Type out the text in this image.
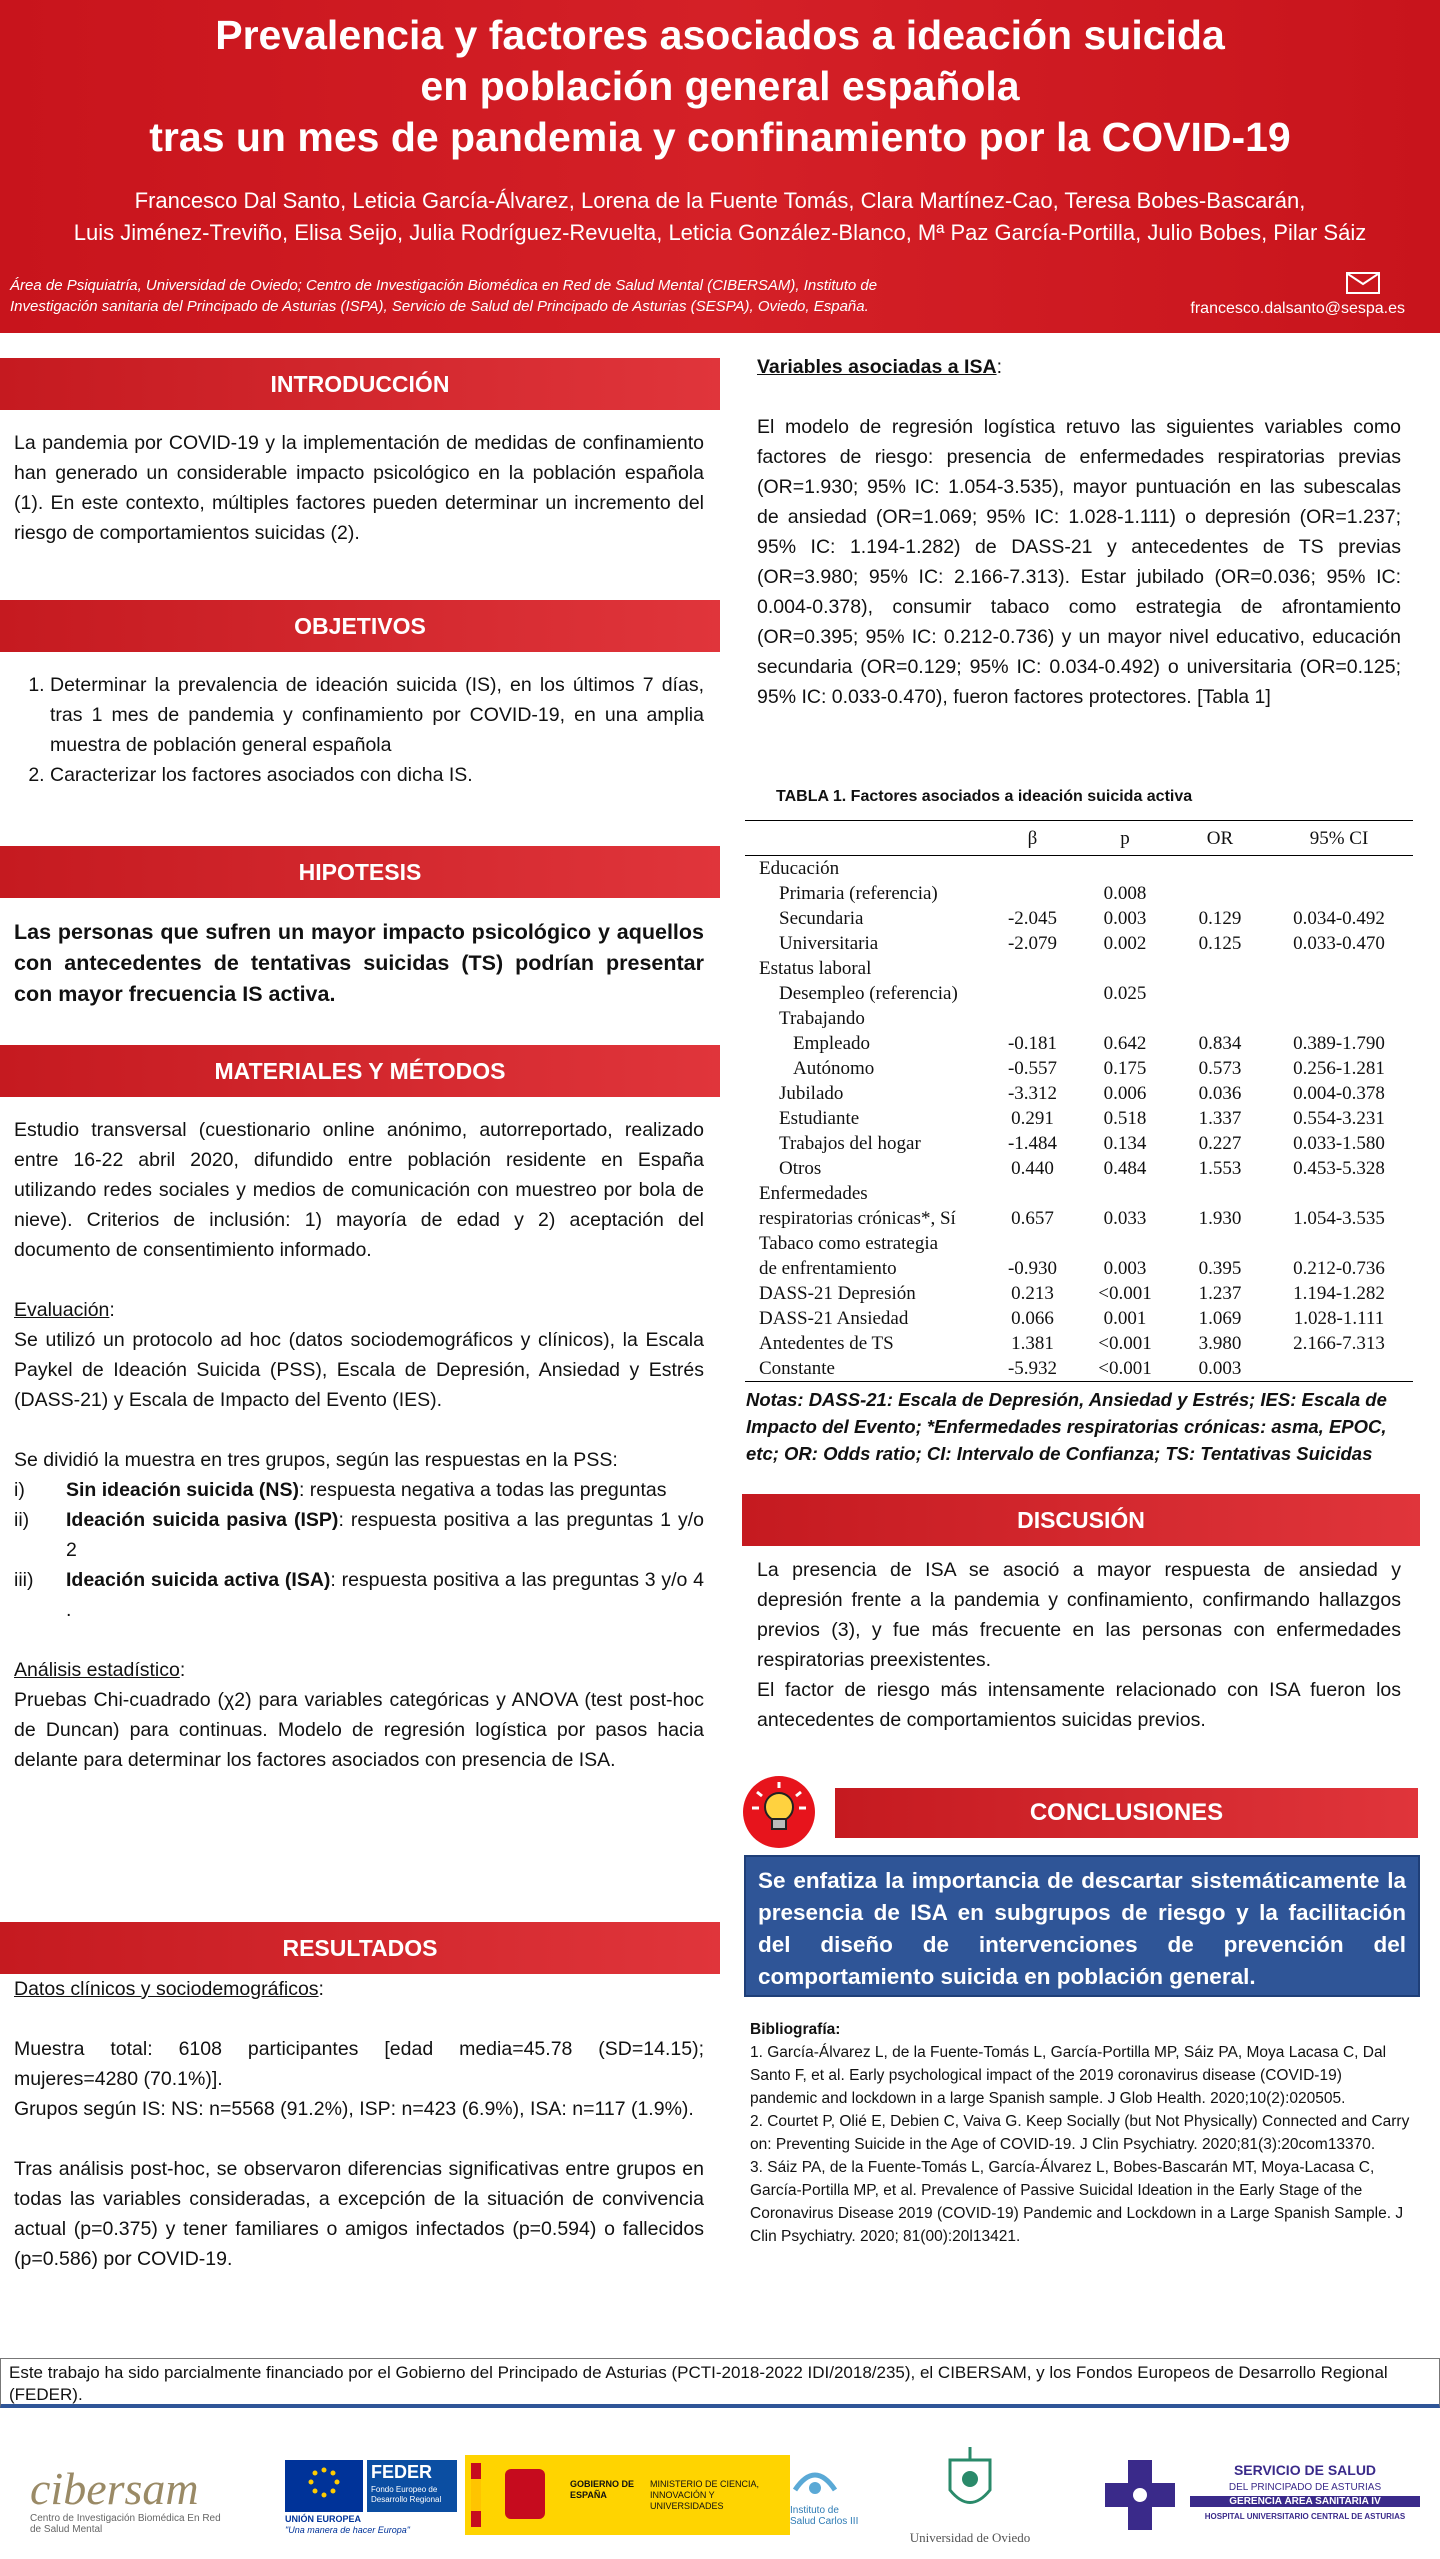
Prevalencia y factores asociados a ideación suicida
en población general española
tras un mes de pandemia y confinamiento por la COVID-19
Francesco Dal Santo, Leticia García-Álvarez, Lorena de la Fuente Tomás, Clara Martínez-Cao, Teresa Bobes-Bascarán,
Luis Jiménez-Treviño, Elisa Seijo, Julia Rodríguez-Revuelta, Leticia González-Blanco, Mª Paz García-Portilla, Julio Bobes, Pilar Sáiz
Área de Psiquiatría, Universidad de Oviedo; Centro de Investigación Biomédica en Red de Salud Mental (CIBERSAM), Instituto de
Investigación sanitaria del Principado de Asturias (ISPA), Servicio de Salud del Principado de Asturias (SESPA), Oviedo, España.	francesco.dalsanto@sespa.es
INTRODUCCIÓN

La pandemia por COVID-19 y la implementación de medidas de confinamiento han generado un considerable impacto psicológico en la población española (1). En este contexto, múltiples factores pueden determinar un incremento del riesgo de comportamientos suicidas (2).

OBJETIVOS
1. Determinar la prevalencia de ideación suicida (IS), en los últimos 7 días, tras 1 mes de pandemia y confinamiento por COVID-19, en una amplia muestra de población general española
2. Caracterizar los factores asociados con dicha IS.
HIPOTESIS

Las personas que sufren un mayor impacto psicológico y aquellos con antecedentes de tentativas suicidas (TS) podrían presentar con mayor frecuencia IS activa.

MATERIALES Y MÉTODOS

Estudio transversal (cuestionario online anónimo, autorreportado, realizado entre 16-22 abril 2020, difundido entre población residente en España utilizando redes sociales y medios de comunicación con muestreo por bola de nieve). Criterios de inclusión: 1) mayoría de edad y 2) aceptación del documento de consentimiento informado.

Evaluación:

Se utilizó un protocolo ad hoc (datos sociodemográficos y clínicos), la Escala Paykel de Ideación Suicida (PSS), Escala de Depresión, Ansiedad y Estrés (DASS-21) y Escala de Impacto del Evento (IES).

Se dividió la muestra en tres grupos, según las respuestas en la PSS:

i)	Sin ideación suicida (NS): respuesta negativa a todas las preguntas
ii)	Ideación suicida pasiva (ISP): respuesta positiva a las preguntas 1 y/o 2
iii)	Ideación suicida activa (ISA): respuesta positiva a las preguntas 3 y/o 4 .

Análisis estadístico:

Pruebas Chi-cuadrado (χ2) para variables categóricas y ANOVA (test post-hoc de Duncan) para continuas. Modelo de regresión logística por pasos hacia delante para determinar los factores asociados con presencia de ISA.

RESULTADOS

Datos clínicos y sociodemográficos:

Muestra total: 6108 participantes [edad media=45.78 (SD=14.15); mujeres=4280 (70.1%)].

Grupos según IS: NS: n=5568 (91.2%), ISP: n=423 (6.9%), ISA: n=117 (1.9%).

Tras análisis post-hoc, se observaron diferencias significativas entre grupos en todas las variables consideradas, a excepción de la situación de convivencia actual (p=0.375) y tener familiares o amigos infectados (p=0.594) o fallecidos (p=0.586) por COVID-19.

Variables asociadas a ISA:

El modelo de regresión logística retuvo las siguientes variables como factores de riesgo: presencia de enfermedades respiratorias previas (OR=1.930; 95% IC: 1.054-3.535), mayor puntuación en las subescalas de ansiedad (OR=1.069; 95% IC: 1.028-1.111) o depresión (OR=1.237; 95% IC: 1.194-1.282) de DASS-21 y antecedentes de TS previas (OR=3.980; 95% IC: 2.166-7.313). Estar jubilado (OR=0.036; 95% IC: 0.004-0.378), consumir tabaco como estrategia de afrontamiento (OR=0.395; 95% IC: 0.212-0.736) y un mayor nivel educativo, educación secundaria (OR=0.129; 95% IC: 0.034-0.492) o universitaria (OR=0.125; 95% IC: 0.033-0.470), fueron factores protectores. [Tabla 1]

TABLA 1. Factores asociados a ideación suicida activa
	β	p	OR	95% CI
Educación				
Primaria (referencia)		0.008		
Secundaria	-2.045	0.003	0.129	0.034-0.492
Universitaria	-2.079	0.002	0.125	0.033-0.470
Estatus laboral				
Desempleo (referencia)		0.025		
Trabajando				
Empleado	-0.181	0.642	0.834	0.389-1.790
Autónomo	-0.557	0.175	0.573	0.256-1.281
Jubilado	-3.312	0.006	0.036	0.004-0.378
Estudiante	0.291	0.518	1.337	0.554-3.231
Trabajos del hogar	-1.484	0.134	0.227	0.033-1.580
Otros	0.440	0.484	1.553	0.453-5.328
Enfermedades				
respiratorias crónicas*, Sí	0.657	0.033	1.930	1.054-3.535
Tabaco como estrategia				
de enfrentamiento	-0.930	0.003	0.395	0.212-0.736
DASS-21 Depresión	0.213	<0.001	1.237	1.194-1.282
DASS-21 Ansiedad	0.066	0.001	1.069	1.028-1.111
Antedentes de TS	1.381	<0.001	3.980	2.166-7.313
Constante	-5.932	<0.001	0.003	
Notas: DASS-21: Escala de Depresión, Ansiedad y Estrés; IES: Escala de Impacto del Evento; *Enfermedades respiratorias crónicas: asma, EPOC, etc; OR: Odds ratio; CI: Intervalo de Confianza; TS: Tentativas Suicidas
DISCUSIÓN

La presencia de ISA se asoció a mayor respuesta de ansiedad y depresión frente a la pandemia y confinamiento, confirmando hallazgos previos (3), y fue más frecuente en las personas con enfermedades respiratorias preexistentes.

El factor de riesgo más intensamente relacionado con ISA fueron los antecedentes de comportamientos suicidas previos.

CONCLUSIONES
Se enfatiza la importancia de descartar sistemáticamente la presencia de ISA en subgrupos de riesgo y la facilitación del diseño de intervenciones de prevención del comportamiento suicida en población general.
Bibliografía:
1. García-Álvarez L, de la Fuente-Tomás L, García-Portilla MP, Sáiz PA, Moya Lacasa C, Dal Santo F, et al. Early psychological impact of the 2019 coronavirus disease (COVID-19) pandemic and lockdown in a large Spanish sample. J Glob Health. 2020;10(2):020505.
2. Courtet P, Olié E, Debien C, Vaiva G. Keep Socially (but Not Physically) Connected and Carry on: Preventing Suicide in the Age of COVID-19. J Clin Psychiatry. 2020;81(3):20com13370.
3. Sáiz PA, de la Fuente-Tomás L, García-Álvarez L, Bobes-Bascarán MT, Moya-Lacasa C, García-Portilla MP, et al. Prevalence of Passive Suicidal Ideation in the Early Stage of the Coronavirus Disease 2019 (COVID-19) Pandemic and Lockdown in a Large Spanish Sample. J Clin Psychiatry. 2020; 81(00):20l13421.
Este trabajo ha sido parcialmente financiado por el Gobierno del Principado de Asturias (PCTI-2018-2022 IDI/2018/235), el CIBERSAM, y los Fondos Europeos de Desarrollo Regional (FEDER).
cibersam
Centro de Investigación Biomédica En Red de Salud Mental
FEDER
Fondo Europeo de Desarrollo Regional
UNIÓN EUROPEA
"Una manera de hacer Europa"
GOBIERNO DE ESPAÑA
MINISTERIO DE CIENCIA, INNOVACIÓN Y UNIVERSIDADES	Instituto de Salud Carlos III
Universidad de Oviedo
SERVICIO DE SALUD
DEL PRINCIPADO DE ASTURIAS
GERENCIA ÁREA SANITARIA IV
HOSPITAL UNIVERSITARIO CENTRAL DE ASTURIAS
